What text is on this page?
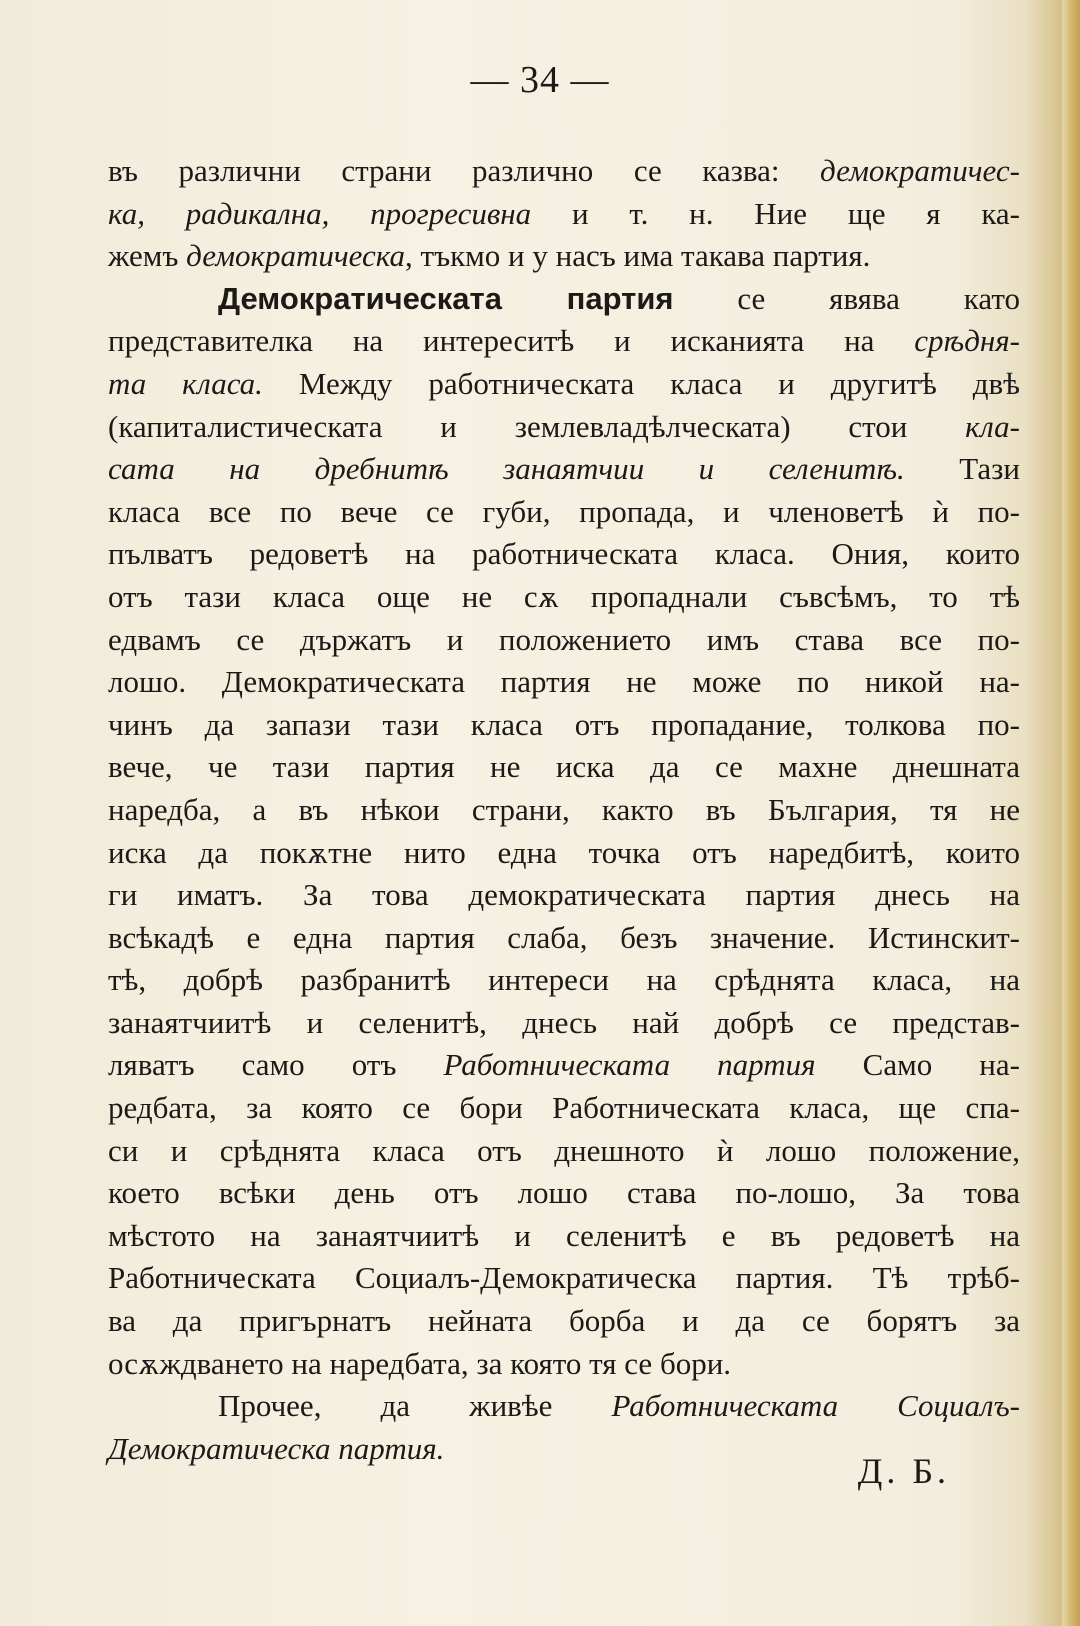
— 34 —
въ различни страни различно се казва: демократичес-
ка, радикална, прогресивна и т. н. Ние ще я ка-
жемъ демократическа, тъкмо и у насъ има такава партия.
Демократическата партия се явява като
представителка на интереситѣ и исканията на срѣдня-
та класа. Между работническата класа и другитѣ двѣ
(капиталистическата и землевладѣлческата) стои кла-
сата на дребнитѣ занаятчии и селенитѣ. Тази
класа все по вече се губи, пропада, и членоветѣ ѝ по-
пълватъ редоветѣ на работническата класа. Ония, които
отъ тази класа още не сѫ пропаднали съвсѣмъ, то тѣ
едвамъ се държатъ и положението имъ става все по-
лошо. Демократическата партия не може по никой на-
чинъ да запази тази класа отъ пропадание, толкова по-
вече, че тази партия не иска да се махне днешната
наредба, а въ нѣкои страни, както въ България, тя не
иска да покѫтне нито една точка отъ наредбитѣ, които
ги иматъ. За това демократическата партия днесь на
всѣкадѣ е една партия слаба, безъ значение. Истинскит-
тѣ, добрѣ разбранитѣ интереси на срѣднята класа, на
занаятчиитѣ и селенитѣ, днесь най добрѣ се представ-
ляватъ само отъ Работническата партия Само на-
редбата, за която се бори Работническата класа, ще спа-
си и срѣднята класа отъ днешното ѝ лошо положение,
което всѣки день отъ лошо става по-лошо, За това
мѣстото на занаятчиитѣ и селенитѣ е въ редоветѣ на
Работническата Социалъ-Демократическа партия. Тѣ трѣб-
ва да пригърнатъ нейната борба и да се борятъ за
осѫждването на наредбата, за която тя се бори.
Прочее, да живѣе Работническата Социалъ-
Демократическа партия.
Д. Б.
